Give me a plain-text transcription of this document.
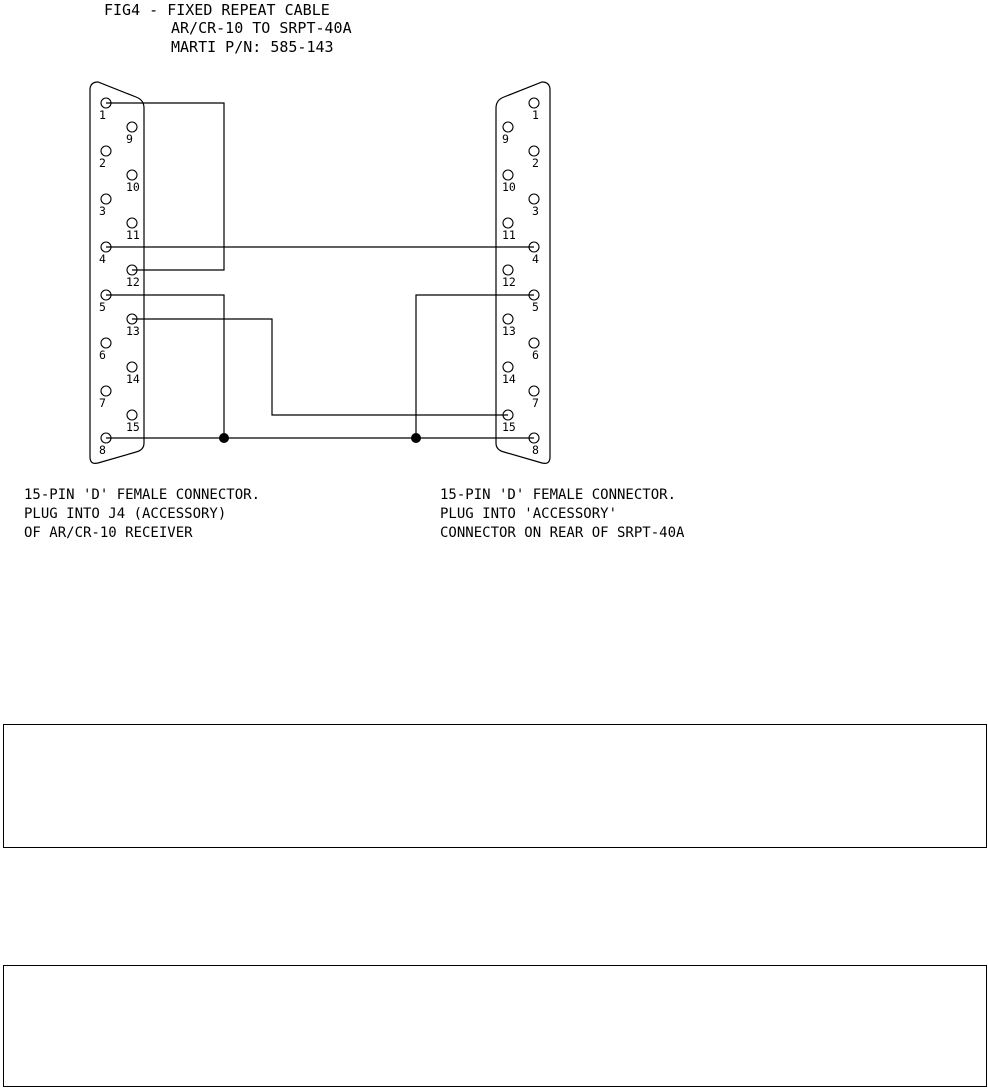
FIG4 - FIXED REPEAT CABLE
AR/CR-10 TO SRPT-40A
MARTI P/N: 585-143
1
2
3
4
5
6
7
8
9
10
11
12
13
14
15
1
2
3
4
5
6
7
8
9
10
11
12
13
14
15
15-PIN 'D' FEMALE CONNECTOR.
PLUG INTO J4 (ACCESSORY)
OF AR/CR-10 RECEIVER
15-PIN 'D' FEMALE CONNECTOR.
PLUG INTO 'ACCESSORY'
CONNECTOR ON REAR OF SRPT-40A
